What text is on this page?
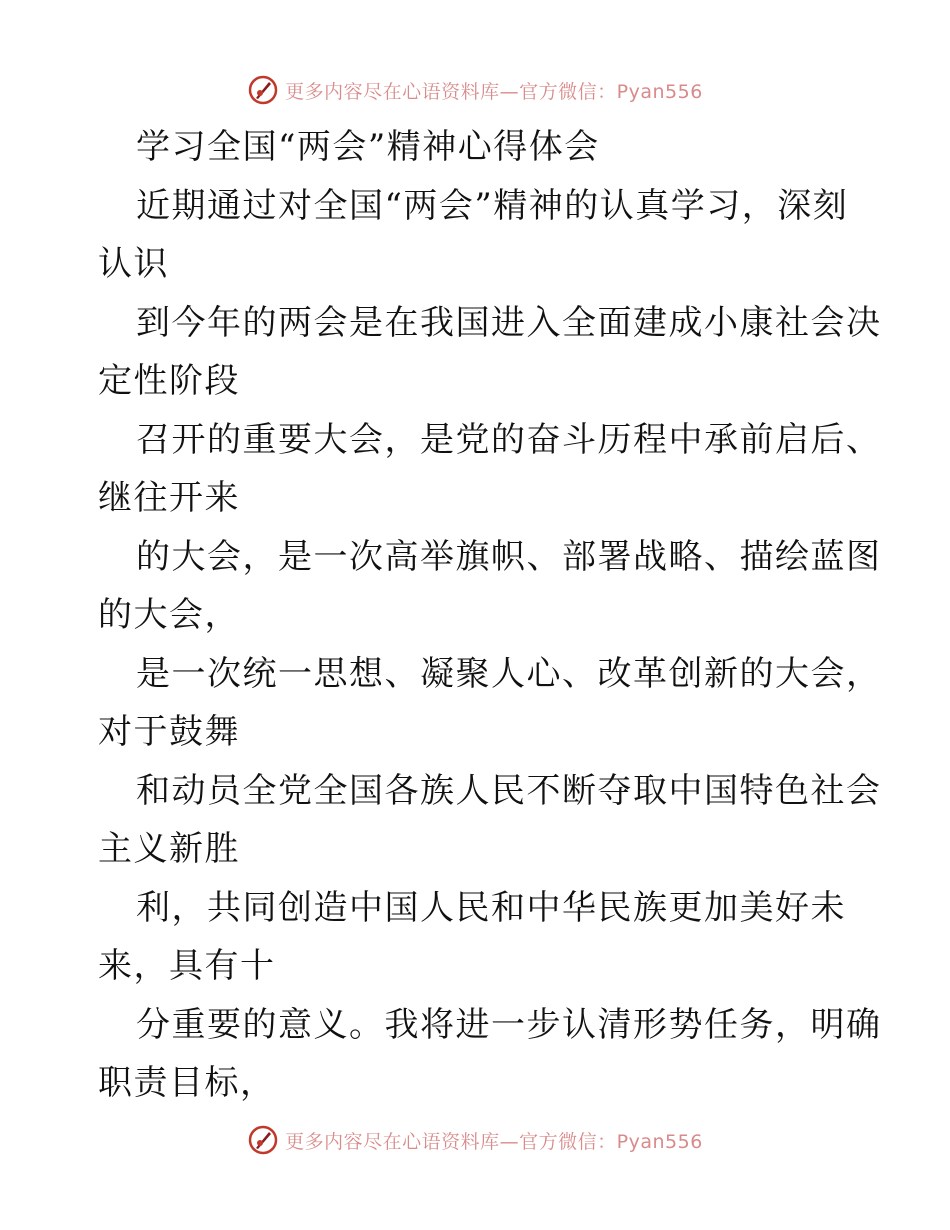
更多内容尽在心语资料库—官方微信：Pyan556
学习全国“两会”精神心得体会
近期通过对全国“两会”精神的认真学习，深刻
认识
到今年的两会是在我国进入全面建成小康社会决
定性阶段
召开的重要大会，是党的奋斗历程中承前启后、
继往开来
的大会，是一次高举旗帜、部署战略、描绘蓝图
的大会，
是一次统一思想、凝聚人心、改革创新的大会，
对于鼓舞
和动员全党全国各族人民不断夺取中国特色社会
主义新胜
利，共同创造中国人民和中华民族更加美好未
来，具有十
分重要的意义。我将进一步认清形势任务，明确
职责目标，
更多内容尽在心语资料库—官方微信：Pyan556
